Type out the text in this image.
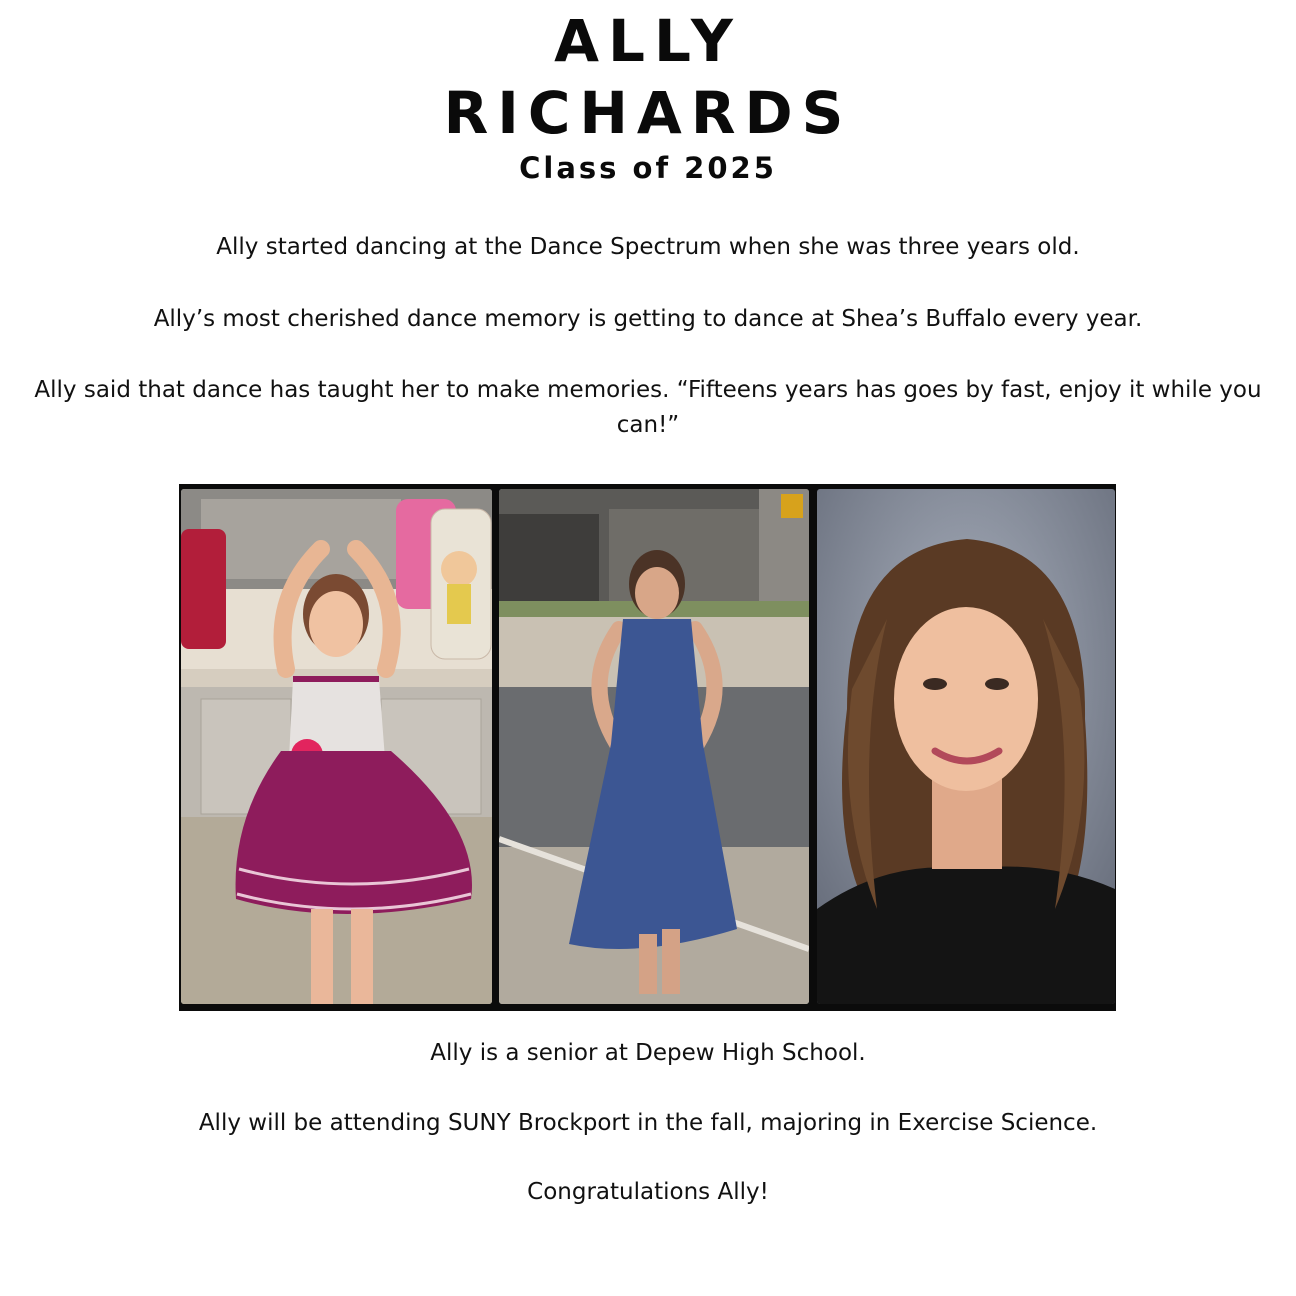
ALLY
RICHARDS
Class of 2025

Ally started dancing at the Dance Spectrum when she was three years old.

Ally’s most cherished dance memory is getting to dance at Shea’s Buffalo every year.

Ally said that dance has taught her to make memories. “Fifteens years has goes by fast, enjoy it while you can!”

Ally is a senior at Depew High School.

Ally will be attending SUNY Brockport in the fall, majoring in Exercise Science.

Congratulations Ally!
